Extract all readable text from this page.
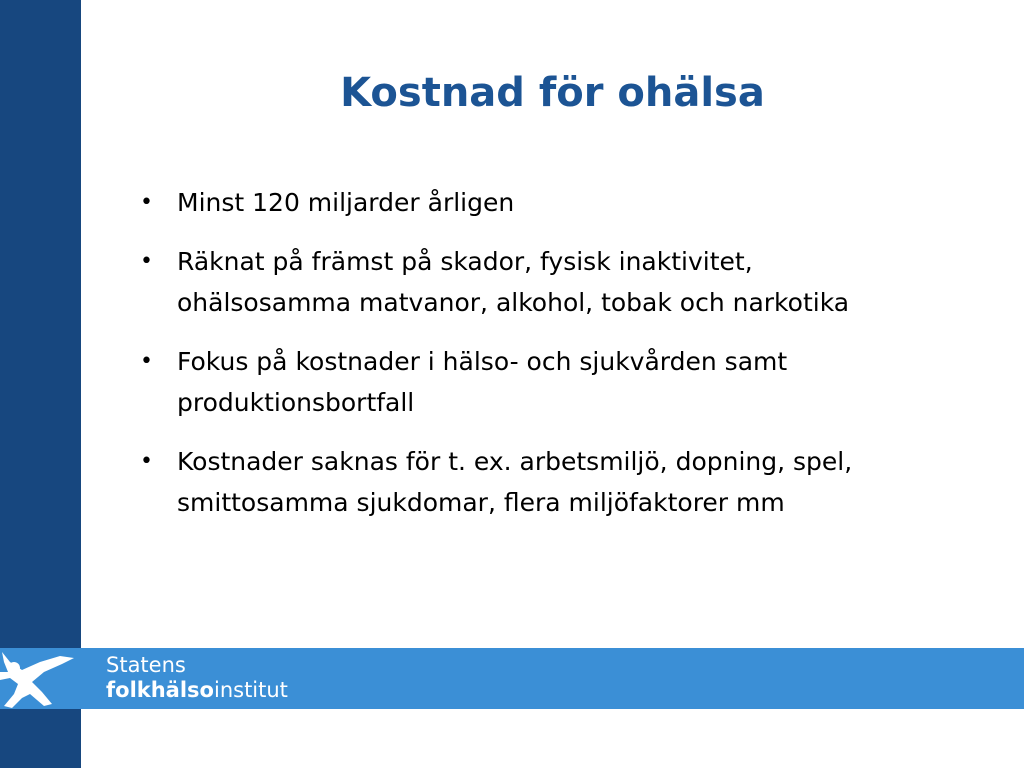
Kostnad för ohälsa
• Minst 120 miljarder årligen
• Räknat på främst på skador, fysisk inaktivitet, ohälsosamma matvanor, alkohol, tobak och narkotika
• Fokus på kostnader i hälso- och sjukvården samt produktionsbortfall
• Kostnader saknas för t. ex. arbetsmiljö, dopning, spel, smittosamma sjukdomar, flera miljöfaktorer mm
Statens
folkhälsoinstitut
